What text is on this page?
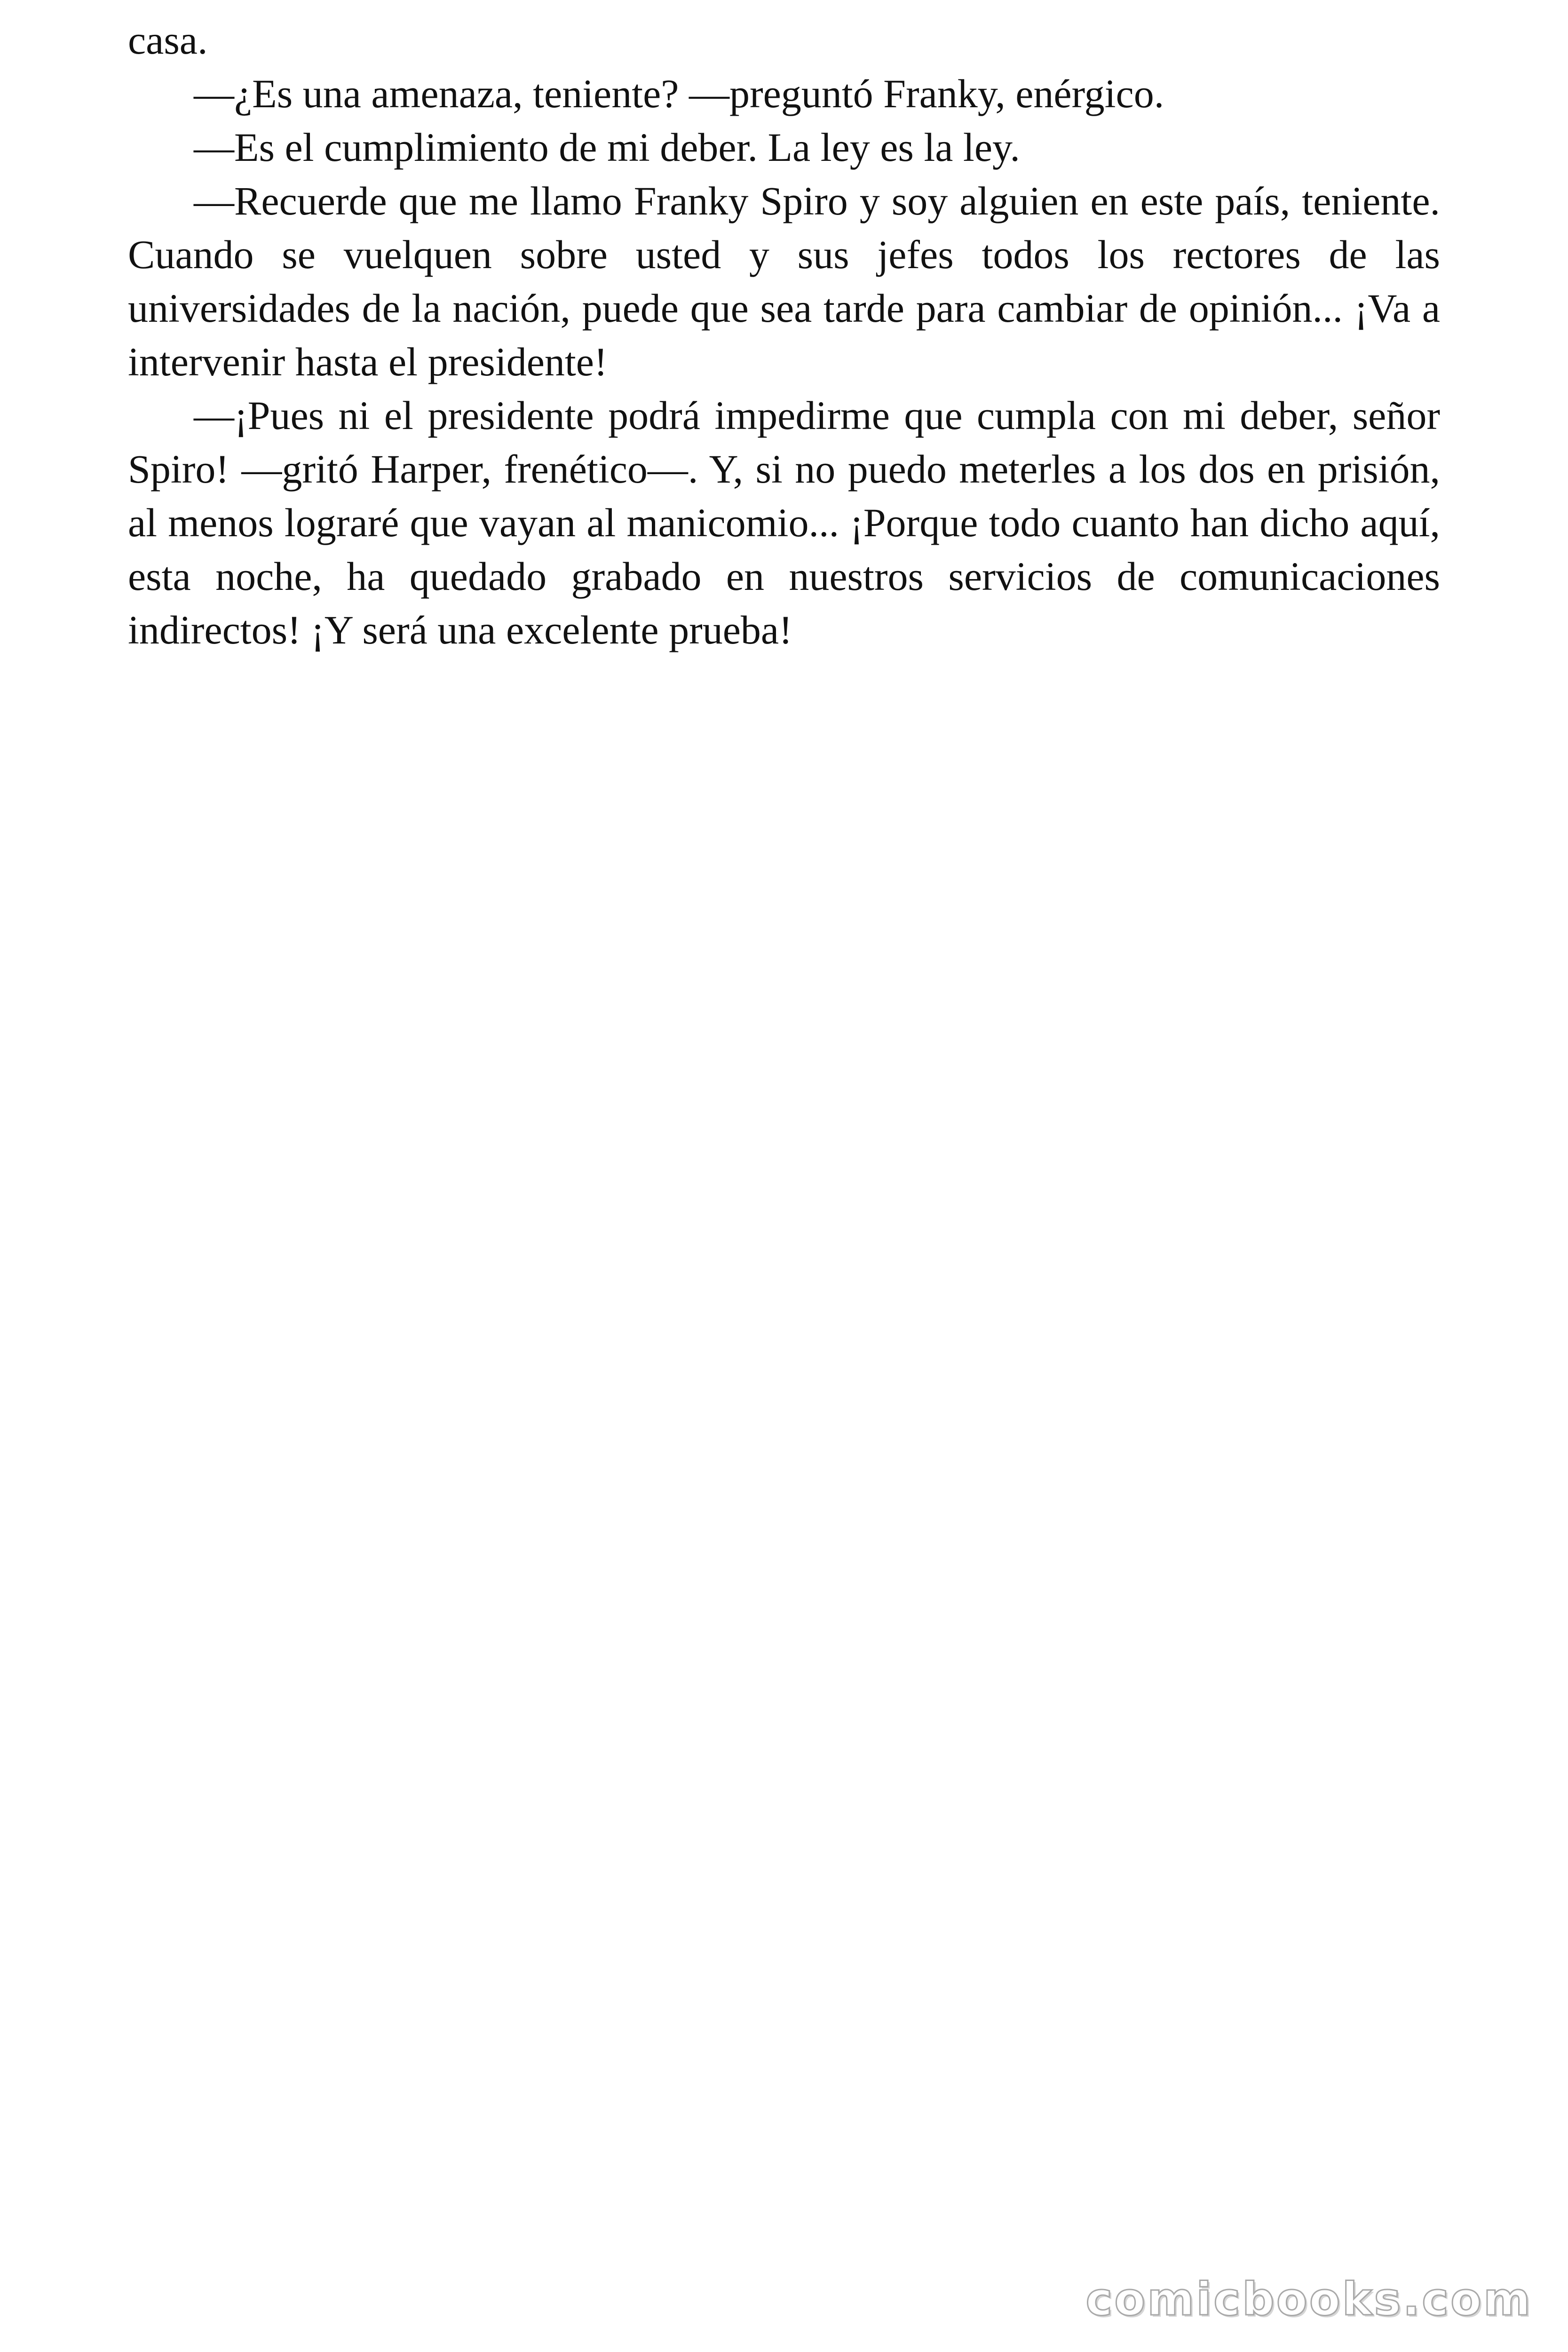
casa.

—¿Es una amenaza, teniente? —preguntó Franky, enérgico.

—Es el cumplimiento de mi deber. La ley es la ley.

—Recuerde que me llamo Franky Spiro y soy alguien en este país, teniente. Cuando se vuelquen sobre usted y sus jefes todos los rectores de las universidades de la nación, puede que sea tarde para cambiar de opinión... ¡Va a intervenir hasta el presidente!

—¡Pues ni el presidente podrá impedirme que cumpla con mi deber, señor Spiro! —gritó Harper, frenético—. Y, si no puedo meterles a los dos en prisión, al menos lograré que vayan al manicomio... ¡Porque todo cuanto han dicho aquí, esta noche, ha quedado grabado en nuestros servicios de comunicaciones indirectos! ¡Y será una excelente prueba!

comicbooks.com
